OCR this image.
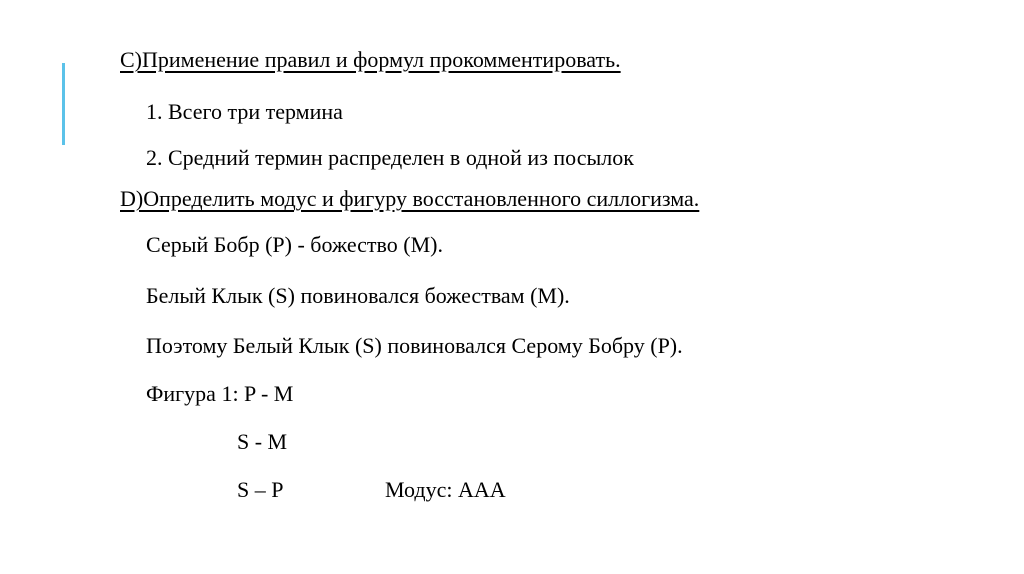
C)Применение правил и формул прокомментировать.
1. Всего три термина
2. Средний термин распределен в одной из посылок
D)Определить модус и фигуру восстановленного силлогизма.
Серый Бобр (P) - божество (M).
Белый Клык (S) повиновался божествам (M).
Поэтому Белый Клык (S) повиновался Серому Бобру (P).
Фигура 1: P - M
S - M
S – P	Модус: AAA
